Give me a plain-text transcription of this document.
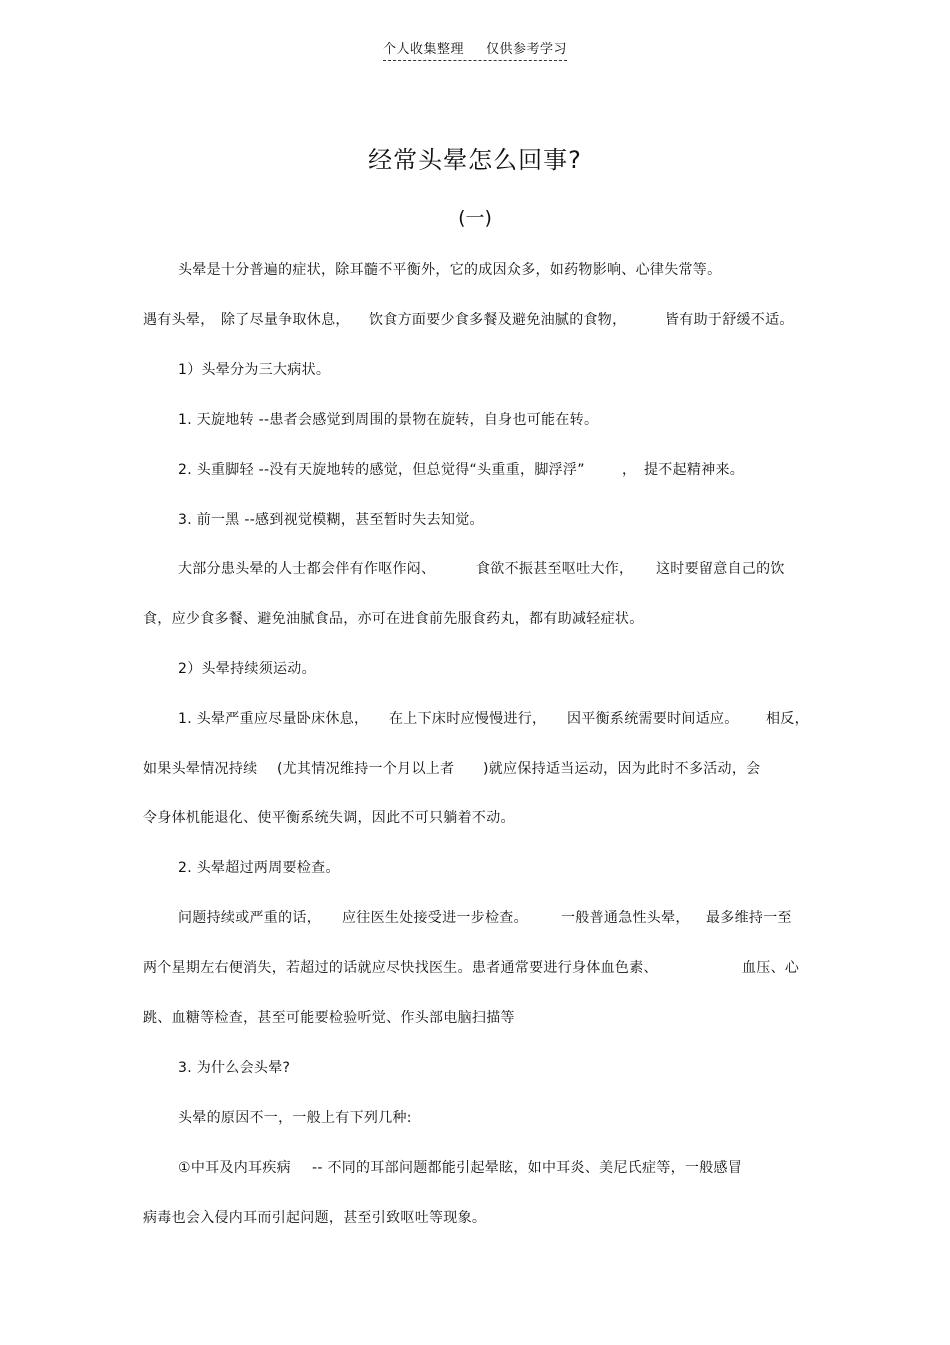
个人收集整理 仅供参考学习
经常头晕怎么回事?
(一)
头晕是十分普遍的症状，除耳髓不平衡外，它的成因众多，如药物影响、心律失常等。
遇有头晕， 除了尽量争取休息， 饮食方面要少食多餐及避免油腻的食物，	皆有助于舒缓不适。
1）头晕分为三大病状。
1. 天旋地转 --患者会感觉到周围的景物在旋转，自身也可能在转。
2. 头重脚轻 --没有天旋地转的感觉，但总觉得“头重重，脚浮浮”	， 提不起精神来。
3. 前一黑 --感到视觉模糊，甚至暂时失去知觉。
大部分患头晕的人士都会伴有作呕作闷、	食欲不振甚至呕吐大作， 这时要留意自己的饮
食，应少食多餐、避免油腻食品，亦可在进食前先服食药丸，都有助减轻症状。
2）头晕持续须运动。
1. 头晕严重应尽量卧床休息， 在上下床时应慢慢进行， 因平衡系统需要时间适应。 相反，
如果头晕情况持续 (尤其情况维持一个月以上者 )就应保持适当运动，因为此时不多活动，会
令身体机能退化、使平衡系统失调，因此不可只躺着不动。
2. 头晕超过两周要检查。
问题持续或严重的话， 应往医生处接受进一步检查。 一般普通急性头晕， 最多维持一至
两个星期左右便消失，若超过的话就应尽快找医生。患者通常要进行身体血色素、	血压、心
跳、血糖等检查，甚至可能要检验听觉、作头部电脑扫描等
3. 为什么会头晕?
头晕的原因不一，一般上有下列几种:
①中耳及内耳疾病 -- 不同的耳部问题都能引起晕眩，如中耳炎、美尼氏症等，一般感冒
病毒也会入侵内耳而引起问题，甚至引致呕吐等现象。
